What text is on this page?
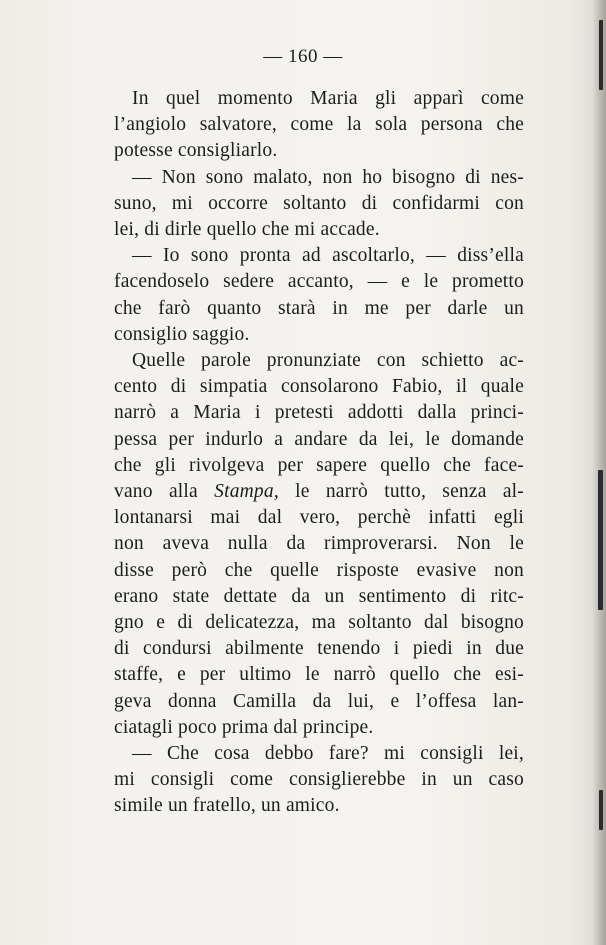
— 160 —
In quel momento Maria gli apparì come
l’angiolo salvatore, come la sola persona che
potesse consigliarlo.
— Non sono malato, non ho bisogno di nes-
suno, mi occorre soltanto di confidarmi con
lei, di dirle quello che mi accade.
— Io sono pronta ad ascoltarlo, — diss’ella
facendoselo sedere accanto, — e le prometto
che farò quanto starà in me per darle un
consiglio saggio.
Quelle parole pronunziate con schietto ac-
cento di simpatia consolarono Fabio, il quale
narrò a Maria i pretesti addotti dalla princi-
pessa per indurlo a andare da lei, le domande
che gli rivolgeva per sapere quello che face-
vano alla Stampa, le narrò tutto, senza al-
lontanarsi mai dal vero, perchè infatti egli
non aveva nulla da rimproverarsi. Non le
disse però che quelle risposte evasive non
erano state dettate da un sentimento di ritc-
gno e di delicatezza, ma soltanto dal bisogno
di condursi abilmente tenendo i piedi in due
staffe, e per ultimo le narrò quello che esi-
geva donna Camilla da lui, e l’offesa lan-
ciatagli poco prima dal principe.
— Che cosa debbo fare? mi consigli lei,
mi consigli come consiglierebbe in un caso
simile un fratello, un amico.
